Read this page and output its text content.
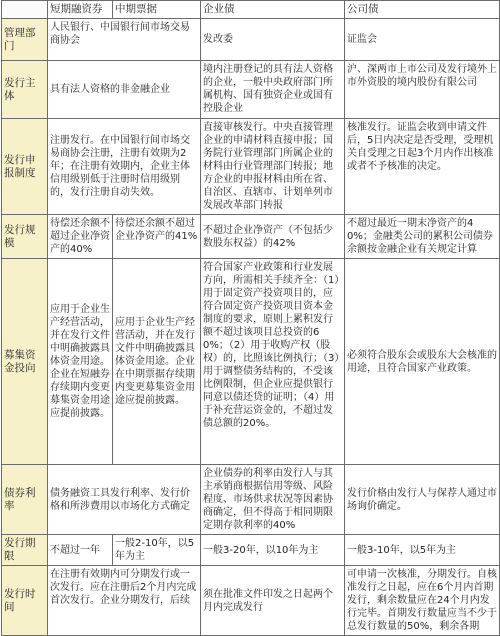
	短期融资券	中期票据	企业债	公司债
管理部门	人民银行、中国银行间市场交易商协会		发改委	证监会
发行主体	具有法人资格的非金融企业		境内注册登记的具有法人资格的企业，一般中央政府部门所属机构、国有独资企业或国有控股企业	沪、深两市上市公司及发行境外上市外资股的境内股份有限公司
发行申报制度	注册发行。在中国银行间市场交易商协会注册，注册有效期为2年；在注册有效期内，企业主体信用级别低于注册时信用级别的，发行注册自动失效。		直接审核发行。中央直接管理企业的申请材料直接申报；国务院行业管理部门所属企业的材料由行业管理部门转报；地方企业的申报材料由所在省、自治区、直辖市、计划单列市发展改革部门转报	核准发行。证监会收到申请文件后，5日内决定是否受理，受理机关自受理之日起3个月内作出核准或者不予核准的决定。
发行规模	待偿还余额不超过企业净资产的40%	待偿还余额不超过企业净资产的41%	不超过企业净资产（不包括少数股东权益）的42%	不超过最近一期末净资产的40%；金融类公司的累积公司债券余额按金融企业有关规定计算
募集资金投向	应用于企业生产经营活动，并在发行文件中明确披露具体资金用途。企业在短融券存续期内变更募集资金用途应提前披露。	应用于企业生产经营活动，并在发行文件中明确披露具体资金用途。企业在中期票据存续期内变更募集资金用途应提前披露。	符合国家产业政策和行业发展方向，所需相关手续齐全：（1）用于固定资产投资项目的，应符合固定资产投资项目资本金制度的要求，原则上累积发行额不超过该项目总投资的60%；（2）用于收购产权（股权）的，比照该比例执行；（3）用于调整债务结构的，不受该比例限制，但企业应提供银行同意以债还贷的证明；（4）用于补充营运资金的，不超过发债总额的20%。	必须符合股东会或股东大会核准的用途，且符合国家产业政策。
债券利率	债务融资工具发行利率、发行价格和所涉费用以市场化方式确定		企业债券的利率由发行人与其主承销商根据信用等级、风险程度、市场供求状况等因素协商确定，但不得高于相同期限定期存款利率的40%	发行价格由发行人与保荐人通过市场询价确定。
发行期限	不超过一年	一般2-10年，以5年为主	一般3-20年，以10年为主	一般3-10年，以5年为主
发行时间	在注册有效期内可分期发行或一次发行。应在注册后2个月内完成首次发行。企业分期发行，后续		须在批准文件印发之日起两个月内完成发行	可申请一次核准，分期发行。自核准发行之日起，应在6个月内首期发行，剩余数量应在24个月内发行完毕。首期发行数量应当不少于总发行数量的50%，剩余各期
